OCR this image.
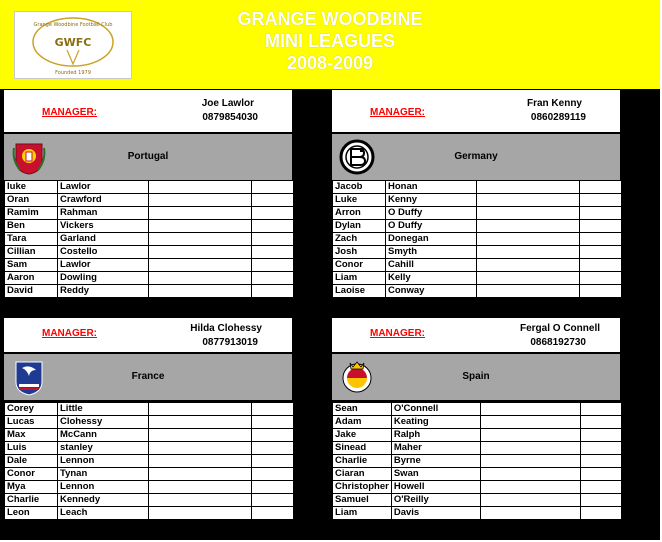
Grange Woodbine Football Club
GWFC
Founded 1979
GRANGE WOODBINE
MINI LEAGUES
2008-2009
MANAGER:
Joe Lawlor
0879854030
Portugal
luke	Lawlor		
Oran	Crawford		
Ramim	Rahman		
Ben	Vickers		
Tara	Garland		
Cillian	Costello		
Sam	Lawlor		
Aaron	Dowling		
David	Reddy		
MANAGER:
Fran Kenny
0860289119
Germany
Jacob	Honan		
Luke	Kenny		
Arron	O Duffy		
Dylan	O Duffy		
Zach	Donegan		
Josh	Smyth		
Conor	Cahill		
Liam	Kelly		
Laoise	Conway		
MANAGER:	Hilda Clohessy
0877913019
France
Corey	Little		
Lucas	Clohessy		
Max	McCann		
Luis	stanley		
Dale	Lennon		
Conor	Tynan		
Mya	Lennon		
Charlie	Kennedy		
Leon	Leach		
MANAGER:	Fergal O Connell
0868192730
Spain
Sean	O'Connell		
Adam	Keating		
Jake	Ralph		
Sinead	Maher		
Charlie	Byrne		
Ciaran	Swan		
Christopher	Howell		
Samuel	O'Reilly		
Liam	Davis		
